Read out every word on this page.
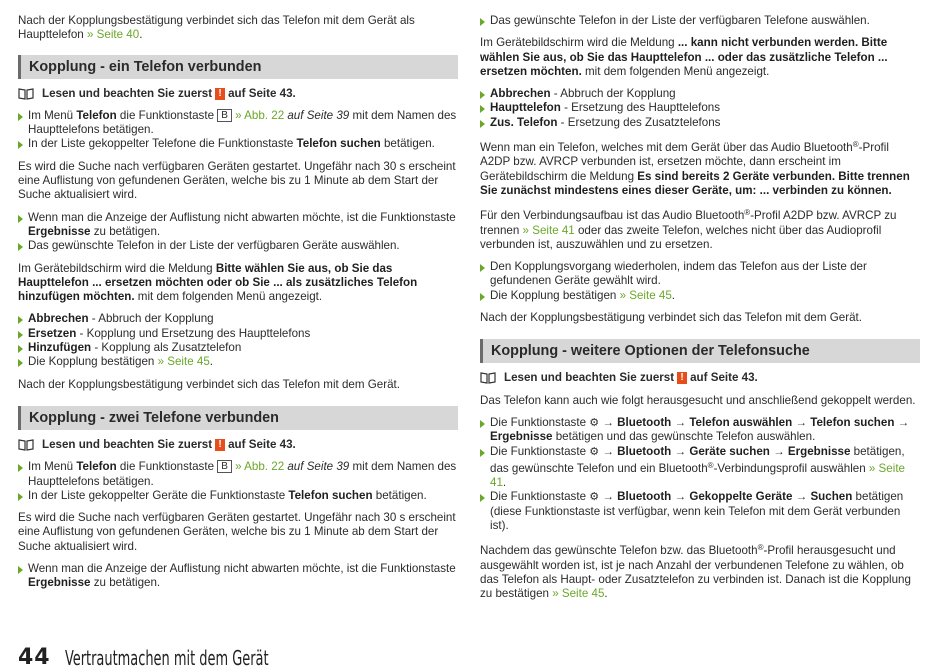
Nach der Kopplungsbestätigung verbindet sich das Telefon mit dem Gerät als Haupttelefon » Seite 40.

Kopplung - ein Telefon verbunden
Lesen und beachten Sie zuerst ! auf Seite 43.
Im Menü Telefon die Funktionstaste B » Abb. 22 auf Seite 39 mit dem Namen des Haupttelefons betätigen.
In der Liste gekoppelter Telefone die Funktionstaste Telefon suchen betätigen.

Es wird die Suche nach verfügbaren Geräten gestartet. Ungefähr nach 30 s erscheint eine Auflistung von gefundenen Geräten, welche bis zu 1 Minute ab dem Start der Suche aktualisiert wird.

Wenn man die Anzeige der Auflistung nicht abwarten möchte, ist die Funktionstaste Ergebnisse zu betätigen.
Das gewünschte Telefon in der Liste der verfügbaren Geräte auswählen.

Im Gerätebildschirm wird die Meldung Bitte wählen Sie aus, ob Sie das Haupttelefon ... ersetzen möchten oder ob Sie ... als zusätzliches Telefon hinzufügen möchten. mit dem folgenden Menü angezeigt.

Abbrechen - Abbruch der Kopplung
Ersetzen - Kopplung und Ersetzung des Haupttelefons
Hinzufügen - Kopplung als Zusatztelefon
Die Kopplung bestätigen » Seite 45.

Nach der Kopplungsbestätigung verbindet sich das Telefon mit dem Gerät.

Kopplung - zwei Telefone verbunden
Lesen und beachten Sie zuerst ! auf Seite 43.
Im Menü Telefon die Funktionstaste B » Abb. 22 auf Seite 39 mit dem Namen des Haupttelefons betätigen.
In der Liste gekoppelter Geräte die Funktionstaste Telefon suchen betätigen.

Es wird die Suche nach verfügbaren Geräten gestartet. Ungefähr nach 30 s erscheint eine Auflistung von gefundenen Geräten, welche bis zu 1 Minute ab dem Start der Suche aktualisiert wird.

Wenn man die Anzeige der Auflistung nicht abwarten möchte, ist die Funktionstaste Ergebnisse zu betätigen.
Das gewünschte Telefon in der Liste der verfügbaren Telefone auswählen.

Im Gerätebildschirm wird die Meldung ... kann nicht verbunden werden. Bitte wählen Sie aus, ob Sie das Haupttelefon ... oder das zusätzliche Telefon ... ersetzen möchten. mit dem folgenden Menü angezeigt.

Abbrechen - Abbruch der Kopplung
Haupttelefon - Ersetzung des Haupttelefons
Zus. Telefon - Ersetzung des Zusatztelefons

Wenn man ein Telefon, welches mit dem Gerät über das Audio Bluetooth®-Profil A2DP bzw. AVRCP verbunden ist, ersetzen möchte, dann erscheint im Gerätebildschirm die Meldung Es sind bereits 2 Geräte verbunden. Bitte trennen Sie zunächst mindestens eines dieser Geräte, um: ... verbinden zu können.

Für den Verbindungsaufbau ist das Audio Bluetooth®-Profil A2DP bzw. AVRCP zu trennen » Seite 41 oder das zweite Telefon, welches nicht über das Audioprofil verbunden ist, auszuwählen und zu ersetzen.

Den Kopplungsvorgang wiederholen, indem das Telefon aus der Liste der gefundenen Geräte gewählt wird.
Die Kopplung bestätigen » Seite 45.

Nach der Kopplungsbestätigung verbindet sich das Telefon mit dem Gerät.

Kopplung - weitere Optionen der Telefonsuche
Lesen und beachten Sie zuerst ! auf Seite 43.

Das Telefon kann auch wie folgt herausgesucht und anschließend gekoppelt werden.

Die Funktionstaste ⚙ → Bluetooth → Telefon auswählen → Telefon suchen → Ergebnisse betätigen und das gewünschte Telefon auswählen.
Die Funktionstaste ⚙ → Bluetooth → Geräte suchen → Ergebnisse betätigen, das gewünschte Telefon und ein Bluetooth®-Verbindungsprofil auswählen » Seite 41.
Die Funktionstaste ⚙ → Bluetooth → Gekoppelte Geräte → Suchen betätigen (diese Funktionstaste ist verfügbar, wenn kein Telefon mit dem Gerät verbunden ist).

Nachdem das gewünschte Telefon bzw. das Bluetooth®-Profil herausgesucht und ausgewählt worden ist, ist je nach Anzahl der verbundenen Telefone zu wählen, ob das Telefon als Haupt- oder Zusatztelefon zu verbinden ist. Danach ist die Kopplung zu bestätigen » Seite 45.

44 Vertrautmachen mit dem Gerät
